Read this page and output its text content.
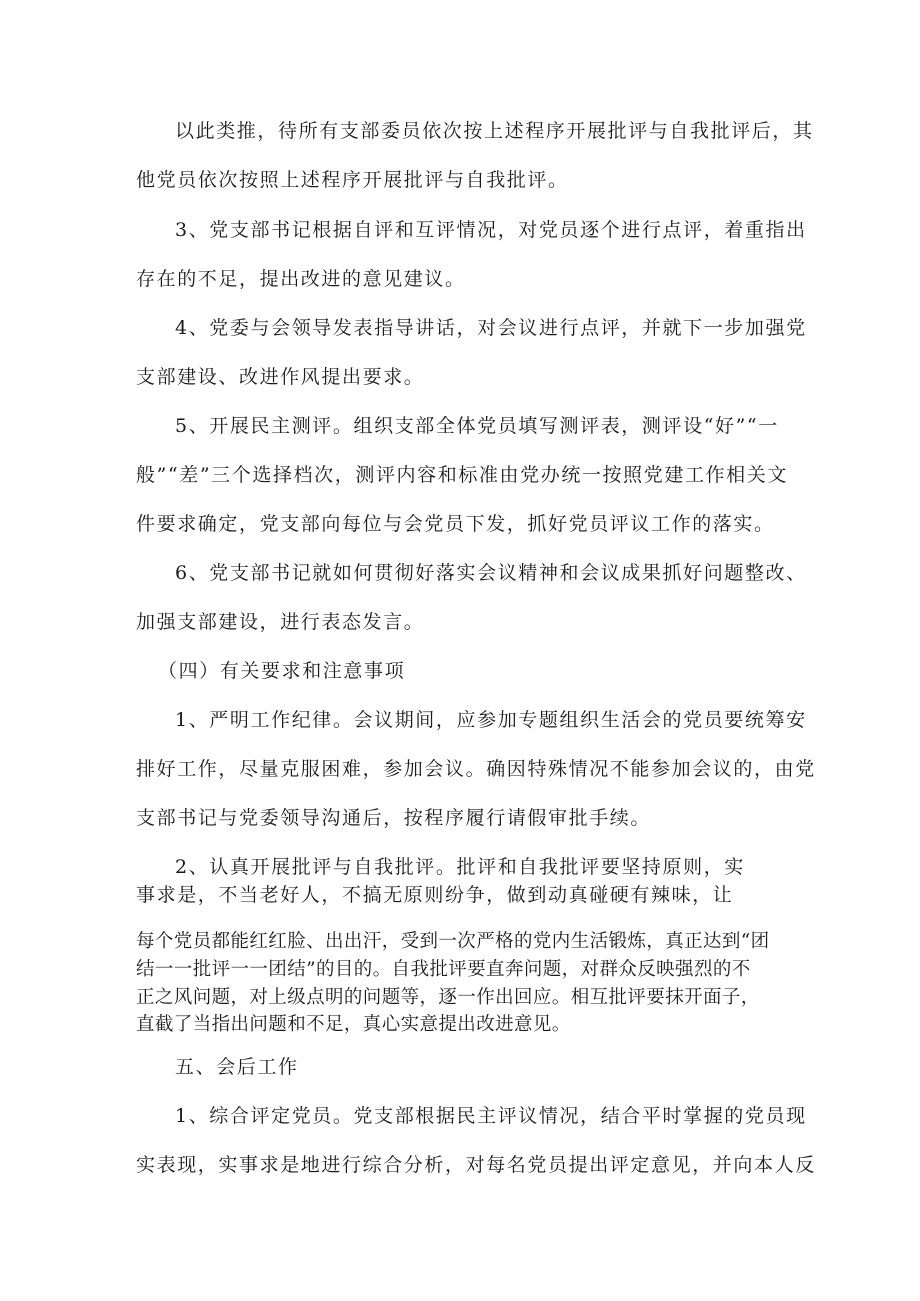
以此类推，待所有支部委员依次按上述程序开展批评与自我批评后，其
他党员依次按照上述程序开展批评与自我批评。
3、党支部书记根据自评和互评情况，对党员逐个进行点评，着重指出
存在的不足，提出改进的意见建议。
4、党委与会领导发表指导讲话，对会议进行点评，并就下一步加强党
支部建设、改进作风提出要求。
5、开展民主测评。组织支部全体党员填写测评表，测评设“好”“一
般”“差”三个选择档次，测评内容和标准由党办统一按照党建工作相关文
件要求确定，党支部向每位与会党员下发，抓好党员评议工作的落实。
6、党支部书记就如何贯彻好落实会议精神和会议成果抓好问题整改、
加强支部建设，进行表态发言。
（四）有关要求和注意事项
1、严明工作纪律。会议期间，应参加专题组织生活会的党员要统筹安
排好工作，尽量克服困难，参加会议。确因特殊情况不能参加会议的，由党
支部书记与党委领导沟通后，按程序履行请假审批手续。
2、认真开展批评与自我批评。批评和自我批评要坚持原则，实
事求是，不当老好人，不搞无原则纷争，做到动真碰硬有辣味，让
每个党员都能红红脸、出出汗，受到一次严格的党内生活锻炼，真正达到“团
结一一批评一一团结”的目的。自我批评要直奔问题，对群众反映强烈的不
正之风问题，对上级点明的问题等，逐一作出回应。相互批评要抹开面子，
直截了当指出问题和不足，真心实意提出改进意见。
五、会后工作
1、综合评定党员。党支部根据民主评议情况，结合平时掌握的党员现
实表现，实事求是地进行综合分析，对每名党员提出评定意见，并向本人反
